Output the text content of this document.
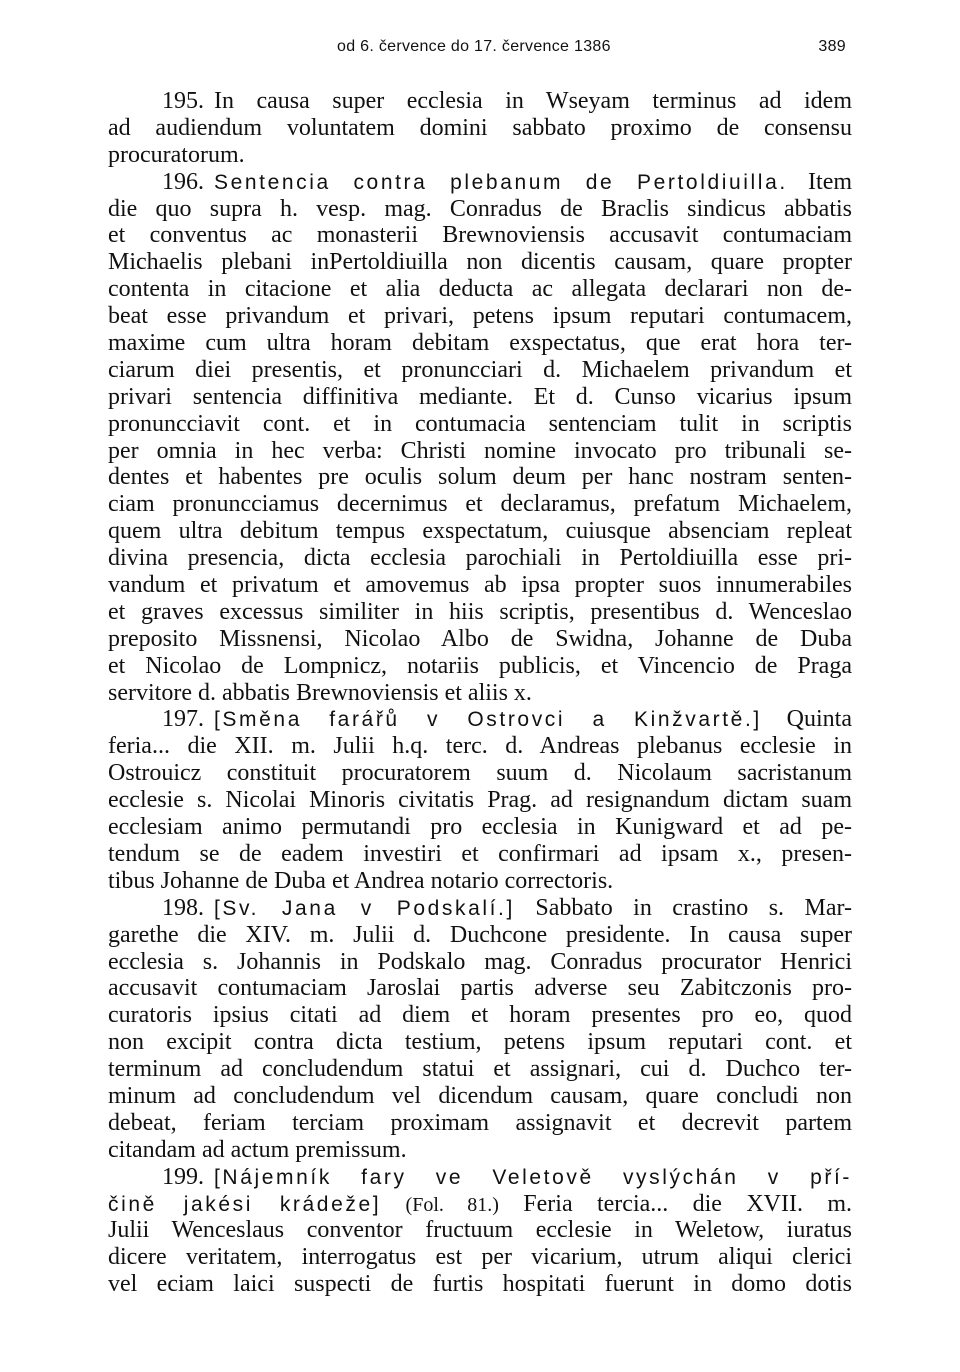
od 6. července do 17. července 1386	389
195. In causa super ecclesia in Wseyam terminus ad idem
ad audiendum voluntatem domini sabbato proximo de consensu
procuratorum.
196. Sentencia contra plebanum de Pertoldiuilla. Item
die quo supra h. vesp. mag. Conradus de Braclis sindicus abbatis
et conventus ac monasterii Brewnoviensis accusavit contumaciam
Michaelis plebani inPertoldiuilla non dicentis causam, quare propter
contenta in citacione et alia deducta ac allegata declarari non de-
beat esse privandum et privari, petens ipsum reputari contumacem,
maxime cum ultra horam debitam exspectatus, que erat hora ter-
ciarum diei presentis, et pronuncciari d. Michaelem privandum et
privari sentencia diffinitiva mediante. Et d. Cunso vicarius ipsum
pronuncciavit cont. et in contumacia sentenciam tulit in scriptis
per omnia in hec verba: Christi nomine invocato pro tribunali se-
dentes et habentes pre oculis solum deum per hanc nostram senten-
ciam pronuncciamus decernimus et declaramus, prefatum Michaelem,
quem ultra debitum tempus exspectatum, cuiusque absenciam repleat
divina presencia, dicta ecclesia parochiali in Pertoldiuilla esse pri-
vandum et privatum et amovemus ab ipsa propter suos innumerabiles
et graves excessus similiter in hiis scriptis, presentibus d. Wenceslao
preposito Missnensi, Nicolao Albo de Swidna, Johanne de Duba
et Nicolao de Lompnicz, notariis publicis, et Vincencio de Praga
servitore d. abbatis Brewnoviensis et aliis x.
197. [Směna farářů v Ostrovci a Kinžvartě.] Quinta
feria... die XII. m. Julii h.q. terc. d. Andreas plebanus ecclesie in
Ostrouicz constituit procuratorem suum d. Nicolaum sacristanum
ecclesie s. Nicolai Minoris civitatis Prag. ad resignandum dictam suam
ecclesiam animo permutandi pro ecclesia in Kunigward et ad pe-
tendum se de eadem investiri et confirmari ad ipsam x., presen-
tibus Johanne de Duba et Andrea notario correctoris.
198. [Sv. Jana v Podskalí.] Sabbato in crastino s. Mar-
garethe die XIV. m. Julii d. Duchcone presidente. In causa super
ecclesia s. Johannis in Podskalo mag. Conradus procurator Henrici
accusavit contumaciam Jaroslai partis adverse seu Zabitczonis pro-
curatoris ipsius citati ad diem et horam presentes pro eo, quod
non excipit contra dicta testium, petens ipsum reputari cont. et
terminum ad concludendum statui et assignari, cui d. Duchco ter-
minum ad concludendum vel dicendum causam, quare concludi non
debeat, feriam terciam proximam assignavit et decrevit partem
citandam ad actum premissum.
199. [Nájemník fary ve Veletově vyslýchán v pří-
čině jakési krádeže] (Fol. 81.) Feria tercia... die XVII. m.
Julii Wenceslaus conventor fructuum ecclesie in Weletow, iuratus
dicere veritatem, interrogatus est per vicarium, utrum aliqui clerici
vel eciam laici suspecti de furtis hospitati fuerunt in domo dotis
